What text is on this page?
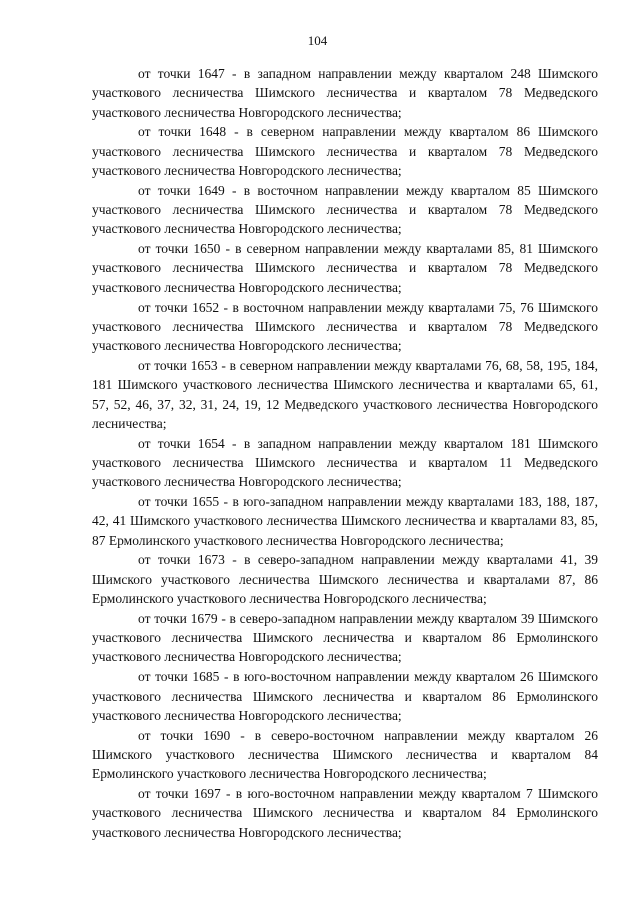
104

от точки 1647 - в западном направлении между кварталом 248 Шимского участкового лесничества Шимского лесничества и кварталом 78 Медведского участкового лесничества Новгородского лесничества;

от точки 1648 - в северном направлении между кварталом 86 Шимского участкового лесничества Шимского лесничества и кварталом 78 Медведского участкового лесничества Новгородского лесничества;

от точки 1649 - в восточном направлении между кварталом 85 Шимского участкового лесничества Шимского лесничества и кварталом 78 Медведского участкового лесничества Новгородского лесничества;

от точки 1650 - в северном направлении между кварталами 85, 81 Шимского участкового лесничества Шимского лесничества и кварталом 78 Медведского участкового лесничества Новгородского лесничества;

от точки 1652 - в восточном направлении между кварталами 75, 76 Шимского участкового лесничества Шимского лесничества и кварталом 78 Медведского участкового лесничества Новгородского лесничества;

от точки 1653 - в северном направлении между кварталами 76, 68, 58, 195, 184, 181 Шимского участкового лесничества Шимского лесничества и кварталами 65, 61, 57, 52, 46, 37, 32, 31, 24, 19, 12 Медведского участкового лесничества Новгородского лесничества;

от точки 1654 - в западном направлении между кварталом 181 Шимского участкового лесничества Шимского лесничества и кварталом 11 Медведского участкового лесничества Новгородского лесничества;

от точки 1655 - в юго-западном направлении между кварталами 183, 188, 187, 42, 41 Шимского участкового лесничества Шимского лесничества и кварталами 83, 85, 87 Ермолинского участкового лесничества Новгородского лесничества;

от точки 1673 - в северо-западном направлении между кварталами 41, 39 Шимского участкового лесничества Шимского лесничества и кварталами 87, 86 Ермолинского участкового лесничества Новгородского лесничества;

от точки 1679 - в северо-западном направлении между кварталом 39 Шимского участкового лесничества Шимского лесничества и кварталом 86 Ермолинского участкового лесничества Новгородского лесничества;

от точки 1685 - в юго-восточном направлении между кварталом 26 Шимского участкового лесничества Шимского лесничества и кварталом 86 Ермолинского участкового лесничества Новгородского лесничества;

от точки 1690 - в северо-восточном направлении между кварталом 26 Шимского участкового лесничества Шимского лесничества и кварталом 84 Ермолинского участкового лесничества Новгородского лесничества;

от точки 1697 - в юго-восточном направлении между кварталом 7 Шимского участкового лесничества Шимского лесничества и кварталом 84 Ермолинского участкового лесничества Новгородского лесничества;
